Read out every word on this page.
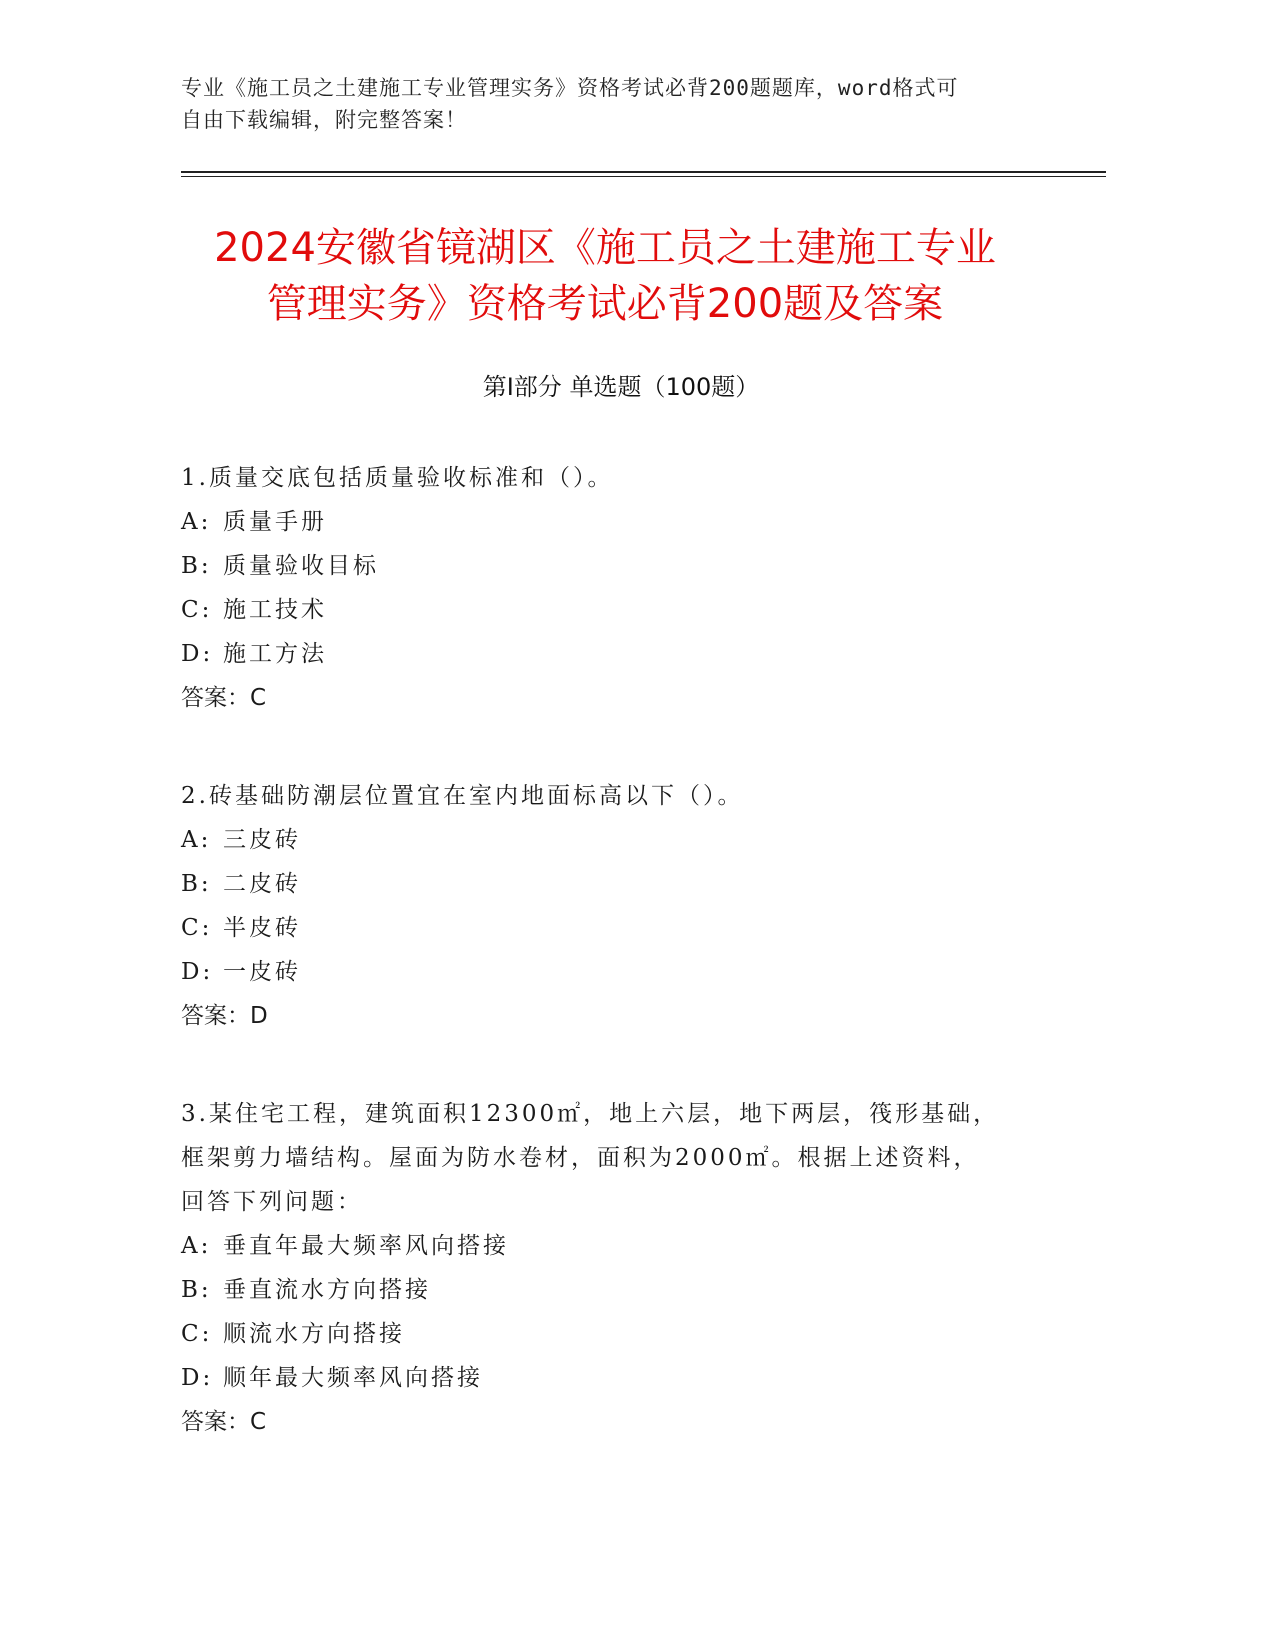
专业《施工员之土建施工专业管理实务》资格考试必背200题题库，word格式可
自由下载编辑，附完整答案！
2024安徽省镜湖区《施工员之土建施工专业
管理实务》资格考试必背200题及答案
第Ⅰ部分 单选题（100题）
1.质量交底包括质量验收标准和（）。
A: 质量手册
B: 质量验收目标
C: 施工技术
D: 施工方法
答案：C
2.砖基础防潮层位置宜在室内地面标高以下（）。
A: 三皮砖
B: 二皮砖
C: 半皮砖
D: 一皮砖
答案：D
3.某住宅工程，建筑面积12300㎡，地上六层，地下两层，筏形基础，
框架剪力墙结构。屋面为防水卷材，面积为2000㎡。根据上述资料，
回答下列问题：
A: 垂直年最大频率风向搭接
B: 垂直流水方向搭接
C: 顺流水方向搭接
D: 顺年最大频率风向搭接
答案：C
